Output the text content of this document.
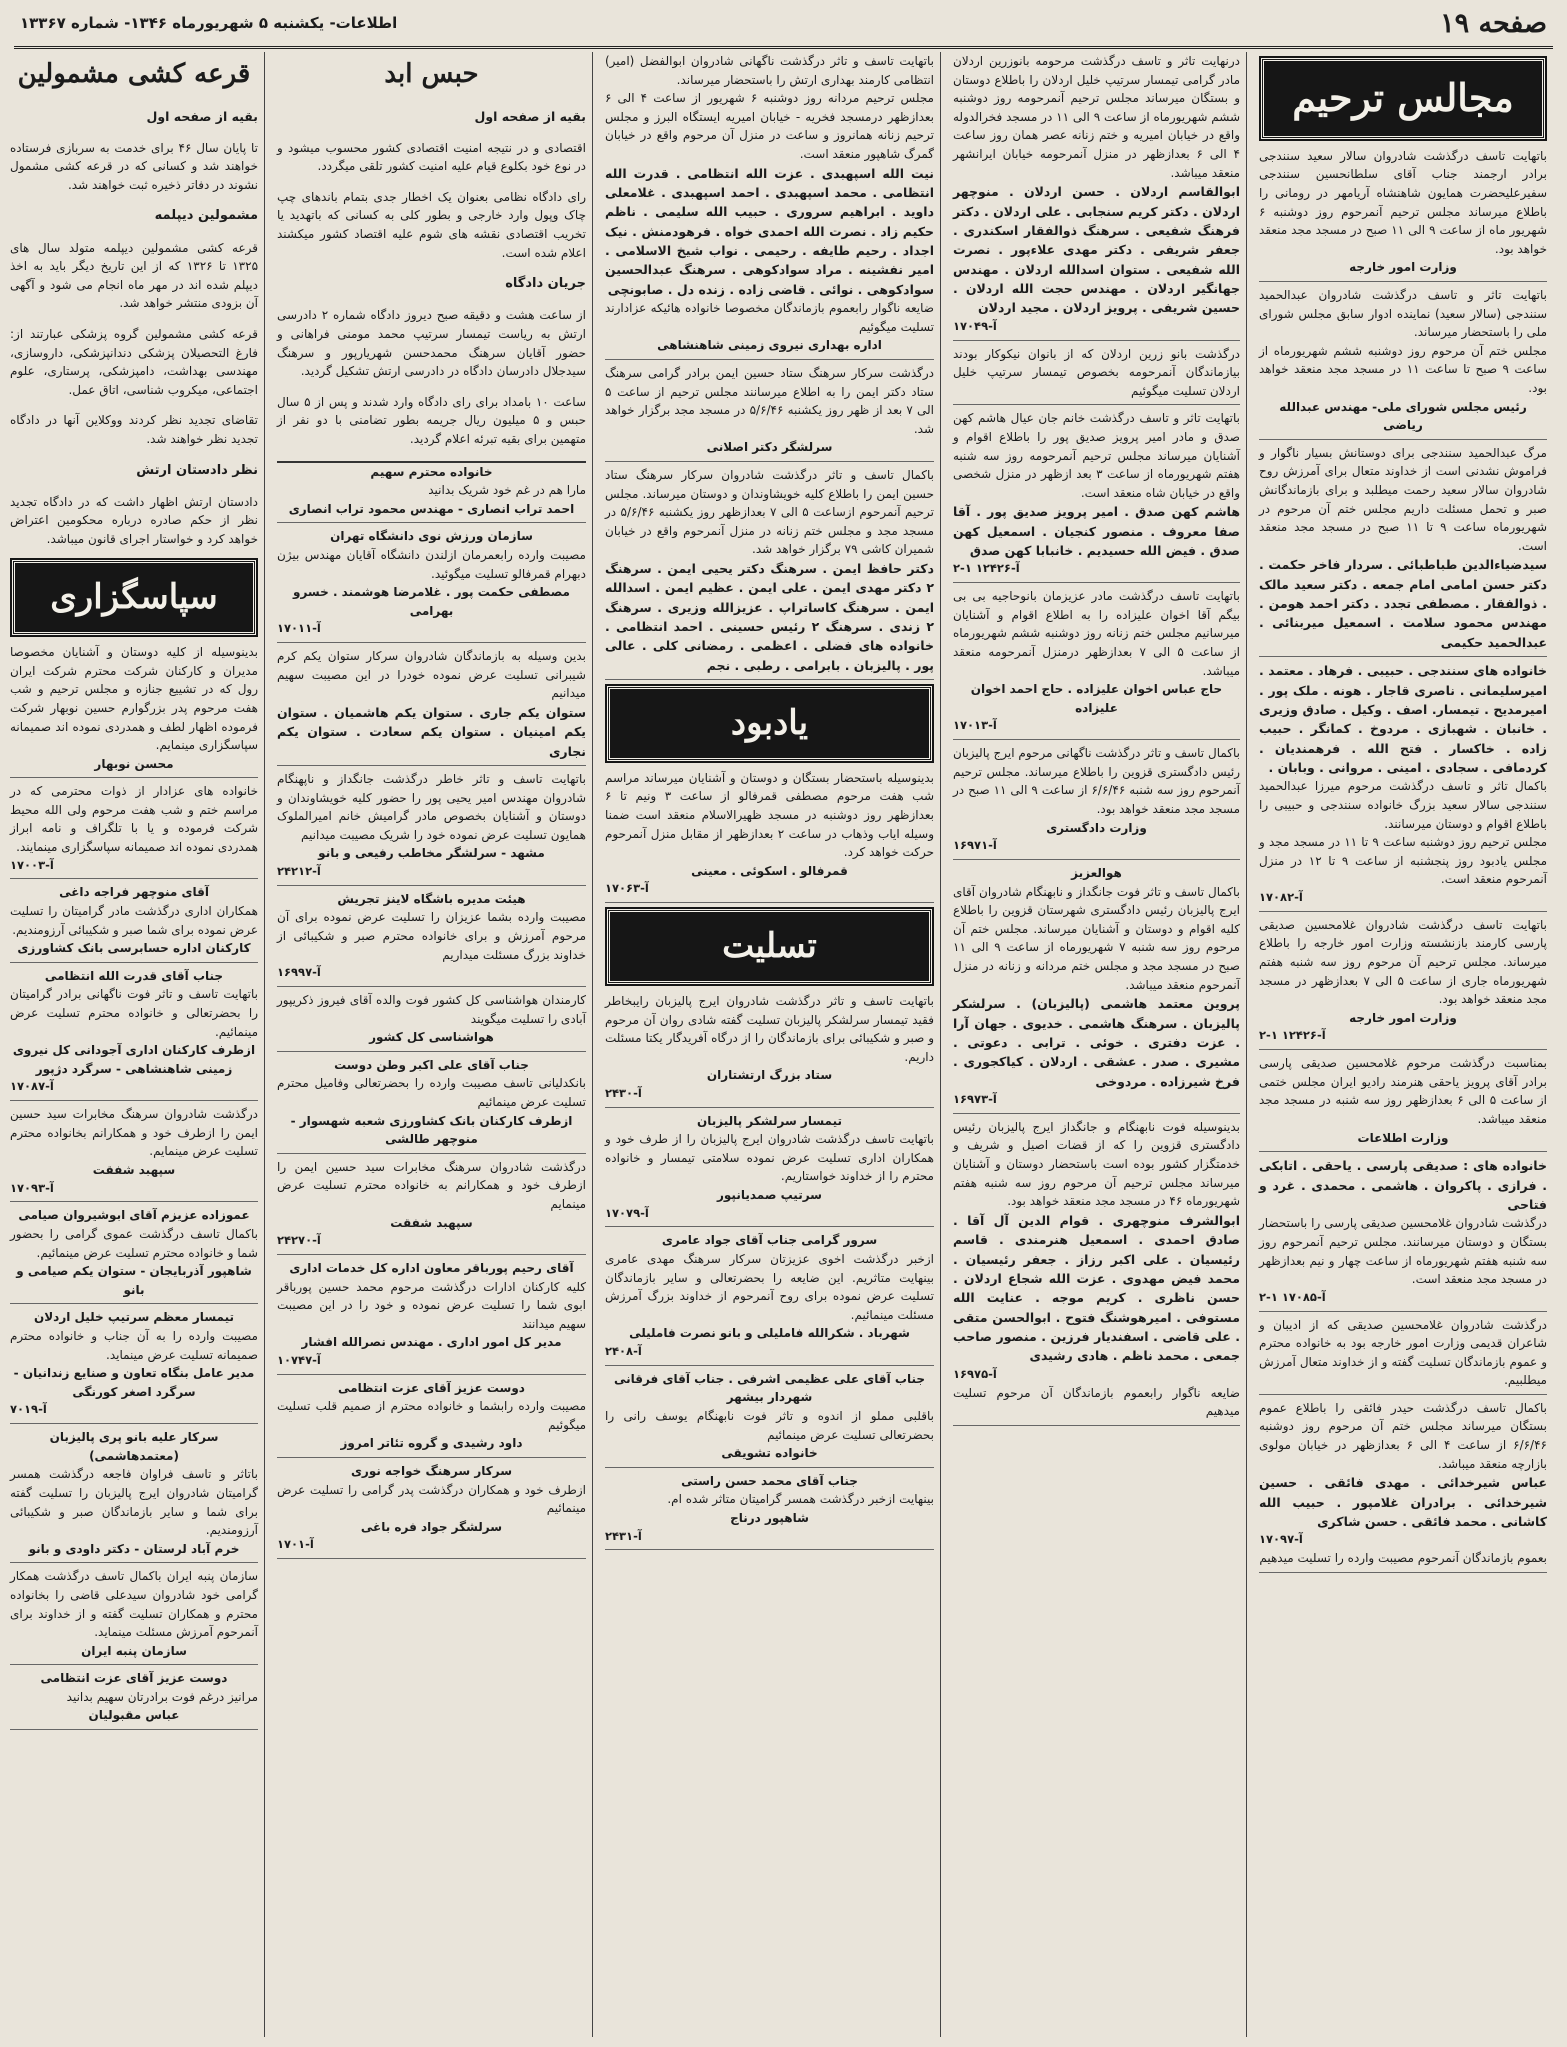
صفحه ۱۹
اطلاعات- یکشنبه ۵ شهریورماه ۱۳۴۶- شماره ۱۳۳۶۷
مجالس ترحیم

باتهایت تاسف درگذشت شادروان سالار سعید سنندجی برادر ارجمند جناب آقای سلطانحسین سنندجی سفیرعلیحضرت همایون شاهنشاه آریامهر در رومانی را باطلاع میرساند مجلس ترحیم آنمرحوم روز دوشنبه ۶ شهریور ماه از ساعت ۹ الی ۱۱ صبح در مسجد مجد منعقد خواهد بود.

وزارت امور خارجه

باتهایت تاثر و تاسف درگذشت شادروان عبدالحمید سنندجی (سالار سعید) نماینده ادوار سابق مجلس شورای ملی را باستحضار میرساند.

مجلس ختم آن مرحوم روز دوشنبه ششم شهریورماه از ساعت ۹ صبح تا ساعت ۱۱ در مسجد مجد منعقد خواهد بود.

رئیس مجلس شورای ملی- مهندس عبدالله ریاضی

مرگ عبدالحمید سنندجی برای دوستانش بسیار ناگوار و فراموش نشدنی است از خداوند متعال برای آمرزش روح شادروان سالار سعید رحمت میطلبد و برای بازماندگانش صبر و تحمل مسئلت داریم مجلس ختم آن مرحوم در شهریورماه ساعت ۹ تا ۱۱ صبح در مسجد مجد منعقد است.

سیدضیاءالدین طباطبائی . سردار فاخر حکمت . دکتر حسن امامی امام جمعه . دکتر سعید مالک . ذوالفقار . مصطفی تجدد . دکتر احمد هومن . مهندس محمود سلامت . اسمعیل میربنائی . عبدالحمید حکیمی

خانواده های سنندجی . حبیبی . فرهاد . معتمد . امیرسلیمانی . ناصری قاجار . هونه . ملک پور . امیرمدیح . تیمسار. اصف . وکیل . صادق وزیری . خانبان . شهبازی . مردوخ . کمانگر . حبیب زاده . خاکسار . فتح الله . فرهمندیان . کردمافی . سجادی . امینی . مروانی . وبابان .

باکمال تاثر و تاسف درگذشت مرحوم میرزا عبدالحمید سنندجی سالار سعید بزرگ خانواده سنندجی و حبیبی را باطلاع اقوام و دوستان میرسانند.

مجلس ترحیم روز دوشنبه ساعت ۹ تا ۱۱ در مسجد مجد و مجلس یادبود روز پنجشنبه از ساعت ۹ تا ۱۲ در منزل آنمرحوم منعقد است.

آ-۱۷۰۸۲

باتهایت تاسف درگذشت شادروان غلامحسین صدیقی پارسی کارمند بازنشسته وزارت امور خارجه را باطلاع میرساند. مجلس ترحیم آن مرحوم روز سه شنبه هفتم شهریورماه جاری از ساعت ۵ الی ۷ بعدازظهر در مسجد مجد منعقد خواهد بود.

وزارت امور خارجه

آ-۱۲۴۲۶ ۱-۲

بمناسبت درگذشت مرحوم غلامحسین صدیقی پارسی برادر آقای پرویز یاحقی هنرمند رادیو ایران مجلس ختمی از ساعت ۵ الی ۶ بعدازظهر روز سه شنبه در مسجد مجد منعقد میباشد.

وزارت اطلاعات

خانواده های : صدیقی پارسی . یاحقی . اتابکی . فرازی . پاکروان . هاشمی . محمدی . غرد و فتاحی

درگذشت شادروان غلامحسین صدیقی پارسی را باستحضار بستگان و دوستان میرسانند. مجلس ترحیم آنمرحوم روز سه شنبه هفتم شهریورماه از ساعت چهار و نیم بعدازظهر در مسجد مجد منعقد است.

آ-۱۷۰۸۵ ۱-۲

درگذشت شادروان غلامحسین صدیقی که از ادیبان و شاعران قدیمی وزارت امور خارجه بود به خانواده محترم و عموم بازماندگان تسلیت گفته و از خداوند متعال آمرزش میطلبیم.

باکمال تاسف درگذشت حیدر فائقی را باطلاع عموم بستگان میرساند مجلس ختم آن مرحوم روز دوشنبه ۶/۶/۴۶ از ساعت ۴ الی ۶ بعدازظهر در خیابان مولوی بازارچه منعقد میباشد.

عباس شیرخدائی . مهدی فائقی . حسین شیرخدائی . برادران غلامپور . حبیب الله کاشانی . محمد فائقی . حسن شاکری

آ-۱۷۰۹۷

بعموم بازماندگان آنمرحوم مصیبت وارده را تسلیت میدهیم

درنهایت تاثر و تاسف درگذشت مرحومه بانوزرین اردلان مادر گرامی تیمسار سرتیپ خلیل اردلان را باطلاع دوستان و بستگان میرساند مجلس ترحیم آنمرحومه روز دوشنبه ششم شهریورماه از ساعت ۹ الی ۱۱ در مسجد فخرالدوله واقع در خیابان امیریه و ختم زنانه عصر همان روز ساعت ۴ الی ۶ بعدازظهر در منزل آنمرحومه خیابان ایرانشهر منعقد میباشد.

ابوالقاسم اردلان . حسن اردلان . منوچهر اردلان . دکتر کریم سنجابی . علی اردلان . دکتر فرهنگ شفیعی . سرهنگ ذوالفقار اسکندری . جعفر شریفی . دکتر مهدی علاءپور . نصرت الله شفیعی . ستوان اسدالله اردلان . مهندس جهانگیر اردلان . مهندس حجت الله اردلان . حسین شریفی . پرویز اردلان . مجید اردلان

آ-۱۷۰۴۹

درگذشت بانو زرین اردلان که از بانوان نیکوکار بودند بیازماندگان آنمرحومه بخصوص تیمسار سرتیپ خلیل اردلان تسلیت میگوئیم

باتهایت تاثر و تاسف درگذشت خانم جان عیال هاشم کهن صدق و مادر امیر پرویز صدیق پور را باطلاع اقوام و آشنایان میرساند مجلس ترحیم آنمرحومه روز سه شنبه هفتم شهریورماه از ساعت ۳ بعد ازظهر در منزل شخصی واقع در خیابان شاه منعقد است.

هاشم کهن صدق . امیر پرویز صدیق پور . آقا صفا معروف . منصور کنجیان . اسمعیل کهن صدق . فیض الله حسیدیم . خانبابا کهن صدق

آ-۱۲۴۲۶ ۱-۲

باتهایت تاسف درگذشت مادر عزیزمان بانوحاجیه بی بی بیگم آقا اخوان علیزاده را به اطلاع اقوام و آشنایان میرسانیم مجلس ختم زنانه روز دوشنبه ششم شهریورماه از ساعت ۵ الی ۷ بعدازظهر درمنزل آنمرحومه منعقد میباشد.

حاج عباس اخوان علیزاده . حاج احمد اخوان علیزاده

آ-۱۷۰۱۳

باکمال تاسف و تاثر درگذشت ناگهانی مرحوم ایرج پالیزبان رئیس دادگستری قزوین را باطلاع میرساند. مجلس ترحیم آنمرحوم روز سه شنبه ۶/۶/۴۶ از ساعت ۹ الی ۱۱ صبح در مسجد مجد منعقد خواهد بود.

وزارت دادگستری

آ-۱۶۹۷۱

هوالعزیز

باکمال تاسف و تاثر فوت جانگداز و نابهنگام شادروان آقای ایرج پالیزبان رئیس دادگستری شهرستان قزوین را باطلاع کلیه اقوام و دوستان و آشنایان میرساند. مجلس ختم آن مرحوم روز سه شنبه ۷ شهریورماه از ساعت ۹ الی ۱۱ صبح در مسجد مجد و مجلس ختم مردانه و زنانه در منزل آنمرحوم منعقد میباشد.

پروین معتمد هاشمی (پالیزبان) . سرلشکر پالیزبان . سرهنگ هاشمی . خدیوی . جهان آرا . عزت دفتری . خوئی . ترابی . دعوتی . مشیری . صدر . عشقی . اردلان . کیاکجوری . فرخ شیرزاده . مردوخی

آ-۱۶۹۷۳

بدینوسیله فوت نابهنگام و جانگداز ایرج پالیزبان رئیس دادگستری قزوین را که از قضات اصیل و شریف و خدمتگزار کشور بوده است باستحضار دوستان و آشنایان میرساند مجلس ترحیم آن مرحوم روز سه شنبه هفتم شهریورماه ۴۶ در مسجد مجد منعقد خواهد بود.

ابوالشرف منوچهری . قوام الدین آل آقا . صادق احمدی . اسمعیل هنرمندی . قاسم رئیسیان . علی اکبر رزاز . جعفر رئیسیان . محمد فیض مهدوی . عزت الله شجاع اردلان . حسن ناظری . کریم موجه . عنایت الله مستوفی . امیرهوشنگ فتوح . ابوالحسن متقی . علی قاضی . اسفندیار فرزین . منصور صاحب جمعی . محمد ناظم . هادی رشیدی

آ-۱۶۹۷۵

ضایعه ناگوار رابعموم بازماندگان آن مرحوم تسلیت میدهیم

باتهایت تاسف و تاثر درگذشت ناگهانی شادروان ابوالفضل (امیر) انتظامی کارمند بهداری ارتش را باستحضار میرساند.

مجلس ترحیم مردانه روز دوشنبه ۶ شهریور از ساعت ۴ الی ۶ بعدازظهر درمسجد فخریه - خیابان امیریه ایستگاه البرز و مجلس ترحیم زنانه همانروز و ساعت در منزل آن مرحوم واقع در خیابان گمرگ شاهپور منعقد است.

نیت الله اسپهبدی . عزت الله انتظامی . قدرت الله انتظامی . محمد اسپهبدی . احمد اسپهبدی . غلامعلی داوید . ابراهیم سروری . حبیب الله سلیمی . ناظم حکیم زاد . نصرت الله احمدی خواه . فرهودمنش . نیک اجداد . رحیم طایفه . رحیمی . نواب شیخ الاسلامی . امیر نفشینه . مراد سوادکوهی . سرهنگ عبدالحسین سوادکوهی . نوائی . قاضی زاده . زنده دل . صابونچی

ضایعه ناگوار رابعموم بازماندگان مخصوصا خانواده هائیکه عزادارند تسلیت میگوئیم

اداره بهداری نیروی زمینی شاهنشاهی

درگذشت سرکار سرهنگ ستاد حسین ایمن برادر گرامی سرهنگ ستاد دکتر ایمن را به اطلاع میرسانند مجلس ترحیم از ساعت ۵ الی ۷ بعد از ظهر روز یکشنبه ۵/۶/۴۶ در مسجد مجد برگزار خواهد شد.

سرلشگر دکتر اصلانی

باکمال تاسف و تاثر درگذشت شادروان سرکار سرهنگ ستاد حسین ایمن را باطلاع کلیه خویشاوندان و دوستان میرساند. مجلس ترحیم آنمرحوم ازساعت ۵ الی ۷ بعدازظهر روز یکشنبه ۵/۶/۴۶ در مسجد مجد و مجلس ختم زنانه در منزل آنمرحوم واقع در خیابان شمیران کاشی ۷۹ برگزار خواهد شد.

دکتر حافظ ایمن . سرهنگ دکتر یحیی ایمن . سرهنگ ۲ دکتر مهدی ایمن . علی ایمن . عظیم ایمن . اسدالله ایمن . سرهنگ کاساتراپ . عزیزالله وزیری . سرهنگ ۲ زندی . سرهنگ ۲ رئیس حسینی . احمد انتظامی . خانواده های فضلی . اعظمی . رمضانی کلی . عالی پور . پالیزبان . بابرامی . رطبی . نجم

یادبود

بدینوسیله باستحضار بستگان و دوستان و آشنایان میرساند مراسم شب هفت مرحوم مصطفی قمرفالو از ساعت ۳ ونیم تا ۶ بعدازظهر روز دوشنبه در مسجد ظهیرالاسلام منعقد است ضمنا وسیله ایاب وذهاب در ساعت ۲ بعدازظهر از مقابل منزل آنمرحوم حرکت خواهد کرد.

قمرفالو . اسکوئی . معینی

آ-۱۷۰۶۳

تسلیت

باتهایت تاسف و تاثر درگذشت شادروان ایرج پالیزبان رایبخاطر فقید تیمسار سرلشکر پالیزبان تسلیت گفته شادی روان آن مرحوم و صبر و شکیبائی برای بازماندگان را از درگاه آفریدگار یکتا مسئلت داریم.

ستاد بزرگ ارتشتاران

آ-۲۴۳۰

تیمسار سرلشکر پالیزبان

باتهایت تاسف درگذشت شادروان ایرج پالیزبان را از طرف خود و همکاران اداری تسلیت عرض نموده سلامتی تیمسار و خانواده محترم را از خداوند خواستاریم.

سرتیپ صمدیانپور

آ-۱۷۰۷۹

سرور گرامی جناب آقای جواد عامری

ازخبر درگذشت اخوی عزیزتان سرکار سرهنگ مهدی عامری بینهایت متاثریم. این ضایعه را بحضرتعالی و سایر بازماندگان تسلیت عرض نموده برای روح آنمرحوم از خداوند بزرگ آمرزش مسئلت مینمائیم.

شهرباد . شکرالله فاملیلی و بانو نصرت فاملیلی

آ-۲۴۰۸

جناب آقای علی عظیمی اشرفی . جناب آقای فرقانی شهردار بیشهر

باقلبی مملو از اندوه و تاثر فوت نابهنگام یوسف رانی را بحضرتعالی تسلیت عرض مینمائیم

خانواده تشویقی

جناب آقای محمد حسن راستی

بینهایت ازخبر درگذشت همسر گرامیتان متاثر شده ام.

شاهپور درناج

آ-۲۴۳۱

حبس ابد

بقیه از صفحه اول

اقتصادی و در نتیجه امنیت اقتصادی کشور محسوب میشود و در نوع خود بکلوع قیام علیه امنیت کشور تلقی میگردد.

رای دادگاه نظامی بعنوان یک اخطار جدی بتمام باندهای چپ چاک وپول وارد خارجی و بطور کلی به کسانی که باتهدید یا تخریب اقتصادی نقشه های شوم علیه اقتصاد کشور میکشند اعلام شده است.

جریان دادگاه

از ساعت هشت و دقیقه صبح دیروز دادگاه شماره ۲ دادرسی ارتش به ریاست تیمسار سرتیپ محمد مومنی فراهانی و حضور آقایان سرهنگ محمدحسن شهریارپور و سرهنگ سیدجلال دادرسان دادگاه در دادرسی ارتش تشکیل گردید.

ساعت ۱۰ بامداد برای رای دادگاه وارد شدند و پس از ۵ سال حبس و ۵ میلیون ریال جریمه بطور تضامنی با دو نفر از متهمین برای بقیه تبرئه اعلام گردید.

خانواده محترم سهیم

مارا هم در غم خود شریک بدانید

احمد تراب انصاری - مهندس محمود تراب انصاری

سازمان ورزش نوی دانشگاه تهران

مصیبت وارده رابعمرمان ازلندن دانشگاه آقایان مهندس بیژن دبهرام قمرفالو تسلیت میگوئید.

مصطفی حکمت پور . غلامرضا هوشمند . خسرو بهرامی

آ-۱۷۰۱۱

بدین وسیله به بازماندگان شادروان سرکار ستوان یکم کرم شیبرانی تسلیت عرض نموده خودرا در این مصیبت سهیم میدانیم

ستوان یکم جاری . ستوان یکم هاشمیان . ستوان یکم امینیان . ستوان یکم سعادت . ستوان یکم نجاری

باتهایت تاسف و تاثر خاطر درگذشت جانگداز و ناپهنگام شادروان مهندس امیر یحیی پور را حضور کلیه خویشاوندان و دوستان و آشنایان بخصوص مادر گرامیش خانم امیرالملوک همایون تسلیت عرض نموده خود را شریک مصیبت میدانیم

مشهد - سرلشگر مخاطب رفیعی و بانو

آ-۲۴۲۱۲

هیئت مدیره باشگاه لاینز تجریش

مصیبت وارده بشما عزیزان را تسلیت عرض نموده برای آن مرحوم آمرزش و برای خانواده محترم صبر و شکیبائی از خداوند بزرگ مسئلت میداریم

آ-۱۶۹۹۷

کارمندان هواشناسی کل کشور فوت والده آقای فیروز ذکریپور آبادی را تسلیت میگویند

هواشناسی کل کشور

جناب آقای علی اکبر وطن دوست

بانکدلیانی تاسف مصیبت وارده را بحضرتعالی وفامیل محترم تسلیت عرض مینمائیم

ازطرف کارکنان بانک کشاورزی شعبه شهسوار - منوچهر طالشی

درگذشت شادروان سرهنگ مخابرات سید حسین ایمن را ازطرف خود و همکارانم به خانواده محترم تسلیت عرض مینمایم

سپهبد شفقت

آ-۲۴۲۷۰

آقای رحیم پورباقر معاون اداره کل خدمات اداری

کلیه کارکنان ادارات درگذشت مرحوم محمد حسین پورباقر ابوی شما را تسلیت عرض نموده و خود را در این مصیبت سهیم میدانند

مدیر کل امور اداری . مهندس نصرالله افشار

آ-۱۰۷۴۷

دوست عزیز آقای عزت انتظامی

مصیبت وارده رابشما و خانواده محترم از صمیم قلب تسلیت میگوئیم

داود رشیدی و گروه تئاتر امروز

سرکار سرهنگ خواجه نوری

ازطرف خود و همکاران درگذشت پدر گرامی را تسلیت عرض مینمائیم

سرلشگر جواد فره باغی

آ-۱۷۰۱

قرعه کشی مشمولین

بقیه از صفحه اول

تا پایان سال ۴۶ برای خدمت به سربازی فرستاده خواهند شد و کسانی که در قرعه کشی مشمول نشوند در دفاتر ذخیره ثبت خواهند شد.

مشمولین دیپلمه

قرعه کشی مشمولین دیپلمه متولد سال های ۱۳۲۵ تا ۱۳۲۶ که از این تاریخ دیگر باید به اخذ دیپلم شده اند در مهر ماه انجام می شود و آگهی آن بزودی منتشر خواهد شد.

قرعه کشی مشمولین گروه پزشکی عبارتند از: فارغ التحصیلان پزشکی دندانپزشکی، داروسازی، مهندسی بهداشت، دامپزشکی، پرستاری، علوم اجتماعی، میکروب شناسی، اتاق عمل.

تقاضای تجدید نظر کردند ووکلاین آنها در دادگاه تجدید نظر خواهند شد.

نظر دادستان ارتش

دادستان ارتش اظهار داشت که در دادگاه تجدید نظر از حکم صادره درباره محکومین اعتراض خواهد کرد و خواستار اجرای قانون میباشد.

سپاسگزاری

بدینوسیله از کلیه دوستان و آشنایان مخصوصا مدیران و کارکنان شرکت محترم شرکت ایران رول که در تشییع جنازه و مجلس ترحیم و شب هفت مرحوم پدر بزرگوارم حسین نوبهار شرکت فرموده اظهار لطف و همدردی نموده اند صمیمانه سپاسگزاری مینمایم.

محسن نوبهار

خانواده های عزادار از ذوات محترمی که در مراسم ختم و شب هفت مرحوم ولی الله محیط شرکت فرموده و یا با تلگراف و نامه ابراز همدردی نموده اند صمیمانه سپاسگزاری مینمایند.

آ-۱۷۰۰۳

آقای منوچهر فراجه داغی

همکاران اداری درگذشت مادر گرامیتان را تسلیت عرض نموده برای شما صبر و شکیبائی آرزومندیم.

کارکنان اداره حسابرسی بانک کشاورزی

جناب آقای قدرت الله انتظامی

باتهایت تاسف و تاثر فوت ناگهانی برادر گرامیتان را بحضرتعالی و خانواده محترم تسلیت عرض مینمائیم.

ازطرف کارکنان اداری آجودانی کل نیروی زمینی شاهنشاهی - سرگرد دژپور

آ-۱۷۰۸۷

درگذشت شادروان سرهنگ مخابرات سید حسین ایمن را ازطرف خود و همکارانم بخانواده محترم تسلیت عرض مینمایم.

سپهبد شفقت

آ-۱۷۰۹۳

عموزاده عزیزم آقای ابوشیروان صیامی

باکمال تاسف درگذشت عموی گرامی را بحضور شما و خانواده محترم تسلیت عرض مینمائیم.

شاهپور آذربایجان - ستوان یکم صیامی و بانو

تیمسار معظم سرتیپ خلیل اردلان

مصیبت وارده را به آن جناب و خانواده محترم صمیمانه تسلیت عرض مینماید.

مدیر عامل بنگاه تعاون و صنایع زندانیان - سرگرد اصغر کورنگی

آ-۷۰۱۹

سرکار علیه بانو پری پالیزبان (معتمدهاشمی)

باتاثر و تاسف فراوان فاجعه درگذشت همسر گرامیتان شادروان ایرج پالیزبان را تسلیت گفته برای شما و سایر بازماندگان صبر و شکیبائی آرزومندیم.

خرم آباد لرستان - دکتر داودی و بانو

سازمان پنبه ایران باکمال تاسف درگذشت همکار گرامی خود شادروان سیدعلی قاضی را بخانواده محترم و همکاران تسلیت گفته و از خداوند برای آنمرحوم آمرزش مسئلت مینماید.

سازمان پنبه ایران

دوست عزیز آقای عزت انتظامی

مرانیز درغم فوت برادرتان سهیم بدانید

عباس مقبولیان
